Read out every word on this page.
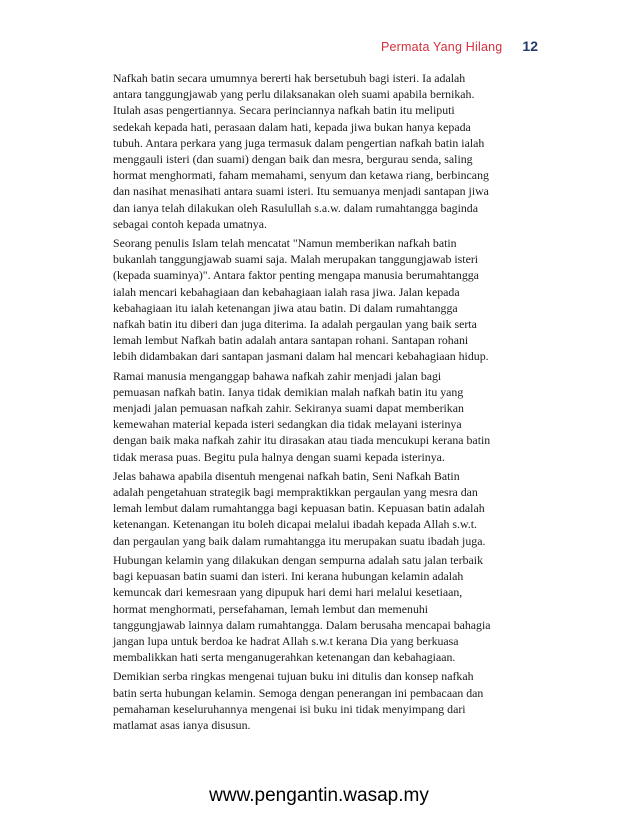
Permata Yang Hilang 12

Nafkah batin secara umumnya bererti hak bersetubuh bagi isteri. Ia adalah
antara tanggungjawab yang perlu dilaksanakan oleh suami apabila bernikah.
Itulah asas pengertiannya. Secara perinciannya nafkah batin itu meliputi
sedekah kepada hati, perasaan dalam hati, kepada jiwa bukan hanya kepada
tubuh. Antara perkara yang juga termasuk dalam pengertian nafkah batin ialah
menggauli isteri (dan suami) dengan baik dan mesra, bergurau senda, saling
hormat menghormati, faham memahami, senyum dan ketawa riang, berbincang
dan nasihat menasihati antara suami isteri. Itu semuanya menjadi santapan jiwa
dan ianya telah dilakukan oleh Rasulullah s.a.w. dalam rumahtangga baginda
sebagai contoh kepada umatnya.

Seorang penulis Islam telah mencatat "Namun memberikan nafkah batin
bukanlah tanggungjawab suami saja. Malah merupakan tanggungjawab isteri
(kepada suaminya)". Antara faktor penting mengapa manusia berumahtangga
ialah mencari kebahagiaan dan kebahagiaan ialah rasa jiwa. Jalan kepada
kebahagiaan itu ialah ketenangan jiwa atau batin. Di dalam rumahtangga
nafkah batin itu diberi dan juga diterima. Ia adalah pergaulan yang baik serta
lemah lembut Nafkah batin adalah antara santapan rohani. Santapan rohani
lebih didambakan dari santapan jasmani dalam hal mencari kebahagiaan hidup.

Ramai manusia menganggap bahawa nafkah zahir menjadi jalan bagi
pemuasan nafkah batin. Ianya tidak demikian malah nafkah batin itu yang
menjadi jalan pemuasan nafkah zahir. Sekiranya suami dapat memberikan
kemewahan material kepada isteri sedangkan dia tidak melayani isterinya
dengan baik maka nafkah zahir itu dirasakan atau tiada mencukupi kerana batin
tidak merasa puas. Begitu pula halnya dengan suami kepada isterinya.

Jelas bahawa apabila disentuh mengenai nafkah batin, Seni Nafkah Batin
adalah pengetahuan strategik bagi mempraktikkan pergaulan yang mesra dan
lemah lembut dalam rumahtangga bagi kepuasan batin. Kepuasan batin adalah
ketenangan. Ketenangan itu boleh dicapai melalui ibadah kepada Allah s.w.t.
dan pergaulan yang baik dalam rumahtangga itu merupakan suatu ibadah juga.

Hubungan kelamin yang dilakukan dengan sempurna adalah satu jalan terbaik
bagi kepuasan batin suami dan isteri. Ini kerana hubungan kelamin adalah
kemuncak dari kemesraan yang dipupuk hari demi hari melalui kesetiaan,
hormat menghormati, persefahaman, lemah lembut dan memenuhi
tanggungjawab lainnya dalam rumahtangga. Dalam berusaha mencapai bahagia
jangan lupa untuk berdoa ke hadrat Allah s.w.t kerana Dia yang berkuasa
membalikkan hati serta menganugerahkan ketenangan dan kebahagiaan.

Demikian serba ringkas mengenai tujuan buku ini ditulis dan konsep nafkah
batin serta hubungan kelamin. Semoga dengan penerangan ini pembacaan dan
pemahaman keseluruhannya mengenai isi buku ini tidak menyimpang dari
matlamat asas ianya disusun.

www.pengantin.wasap.my
